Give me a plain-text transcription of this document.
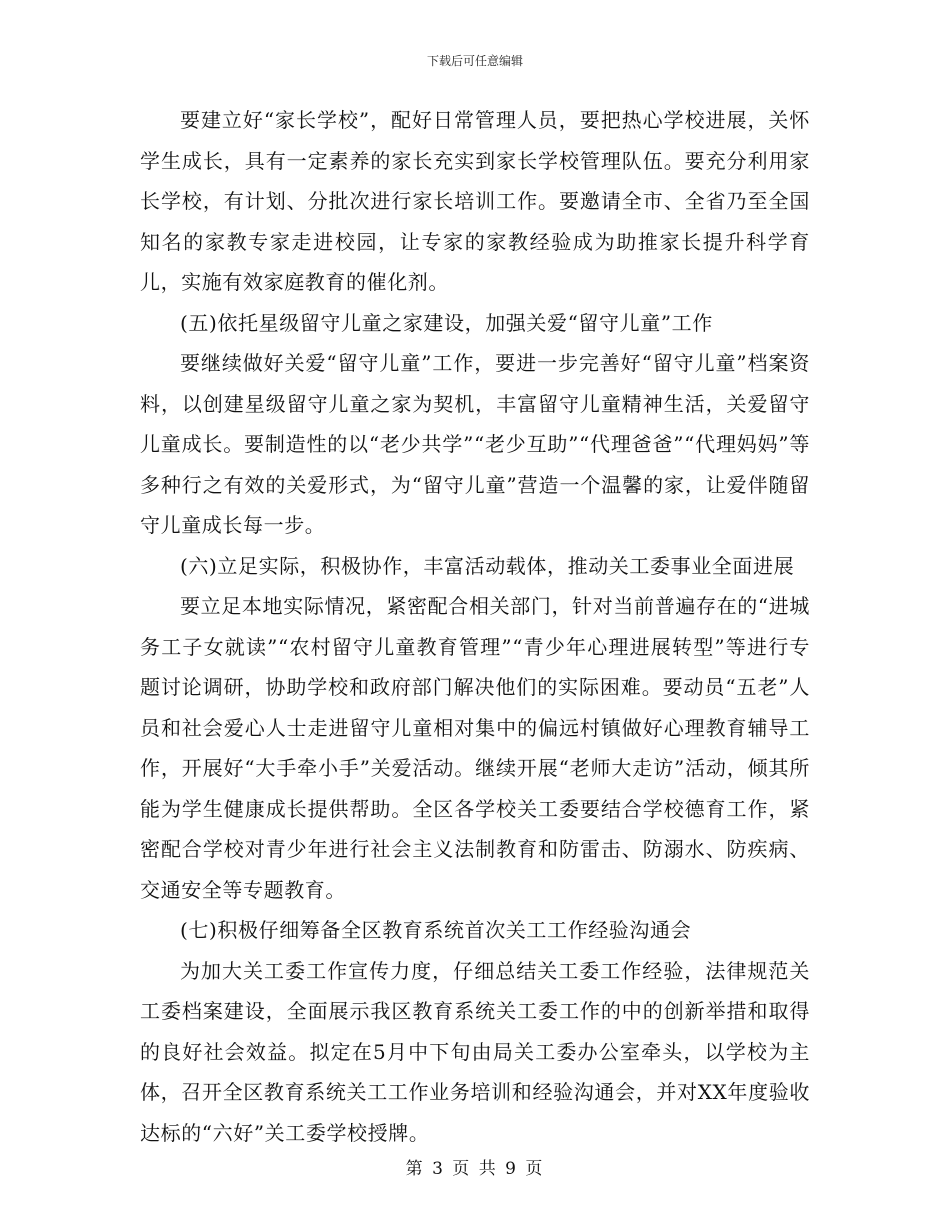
下载后可任意编辑

要建立好“家长学校”，配好日常管理人员，要把热心学校进展，关怀学生成长，具有一定素养的家长充实到家长学校管理队伍。要充分利用家长学校，有计划、分批次进行家长培训工作。要邀请全市、全省乃至全国知名的家教专家走进校园，让专家的家教经验成为助推家长提升科学育儿，实施有效家庭教育的催化剂。

(五)依托星级留守儿童之家建设，加强关爱“留守儿童”工作

要继续做好关爱“留守儿童”工作，要进一步完善好“留守儿童”档案资料，以创建星级留守儿童之家为契机，丰富留守儿童精神生活，关爱留守儿童成长。要制造性的以“老少共学”“老少互助”“代理爸爸”“代理妈妈”等多种行之有效的关爱形式，为“留守儿童”营造一个温馨的家，让爱伴随留守儿童成长每一步。

(六)立足实际，积极协作，丰富活动载体，推动关工委事业全面进展

要立足本地实际情况，紧密配合相关部门，针对当前普遍存在的“进城务工子女就读”“农村留守儿童教育管理”“青少年心理进展转型”等进行专题讨论调研，协助学校和政府部门解决他们的实际困难。要动员“五老”人员和社会爱心人士走进留守儿童相对集中的偏远村镇做好心理教育辅导工作，开展好“大手牵小手”关爱活动。继续开展“老师大走访”活动，倾其所能为学生健康成长提供帮助。全区各学校关工委要结合学校德育工作，紧密配合学校对青少年进行社会主义法制教育和防雷击、防溺水、防疾病、交通安全等专题教育。

(七)积极仔细筹备全区教育系统首次关工工作经验沟通会

为加大关工委工作宣传力度，仔细总结关工委工作经验，法律规范关工委档案建设，全面展示我区教育系统关工委工作的中的创新举措和取得的良好社会效益。拟定在5月中下旬由局关工委办公室牵头，以学校为主体，召开全区教育系统关工工作业务培训和经验沟通会，并对XX年度验收达标的“六好”关工委学校授牌。

第 3 页 共 9 页
